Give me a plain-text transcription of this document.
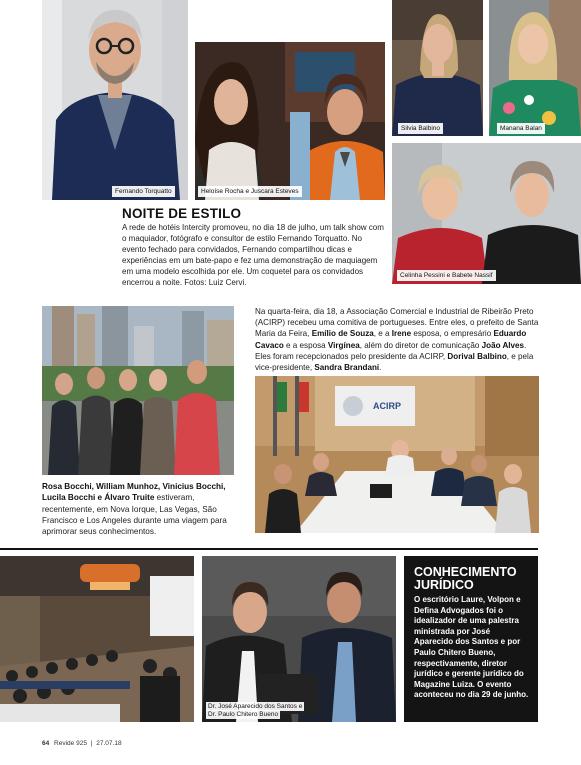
Fernando Torquatto	Heloíse Rocha e Juscara Esteves
Silvia Balbino	Manana Balan
Celinha Pessini e Babete Nassif
NOITE DE ESTILO
A rede de hotéis Intercity promoveu, no dia 18 de julho, um talk show com o maquiador, fotógrafo e consultor de estilo Fernando Torquatto. No evento fechado para convidados, Fernando compartilhou dicas e experiências em um bate-papo e fez uma demonstração de maquiagem em uma modelo escolhida por ele. Um coquetel para os convidados encerrou a noite. Fotos: Luiz Cervi.
Rosa Bocchi, William Munhoz, Vinicius Bocchi, Lucila Bocchi e Álvaro Truite estiveram, recentemente, em Nova Iorque, Las Vegas, São Francisco e Los Angeles durante uma viagem para aprimorar seus conhecimentos.
Na quarta-feira, dia 18, a Associação Comercial e Industrial de Ribeirão Preto (ACIRP) recebeu uma comitiva de portugueses. Entre eles, o prefeito de Santa Maria da Feira, Emílio de Souza, e a Irene esposa, o empresário Eduardo Cavaco e a esposa Virgínea, além do diretor de comunicação João Alves. Eles foram recepcionados pelo presidente da ACIRP, Dorival Balbino, e pela vice-presidente, Sandra Brandani.
ACIRP
Dr. José Aparecido dos Santos e
Dr. Paulo Chitero Bueno
CONHECIMENTO
JURÍDICO
O escritório Laure, Volpon e Defina Advogados foi o idealizador de uma palestra ministrada por José Aparecido dos Santos e por Paulo Chitero Bueno, respectivamente, diretor jurídico e gerente jurídico do Magazine Luiza. O evento aconteceu no dia 29 de junho.
64 Revide 925 | 27.07.18
